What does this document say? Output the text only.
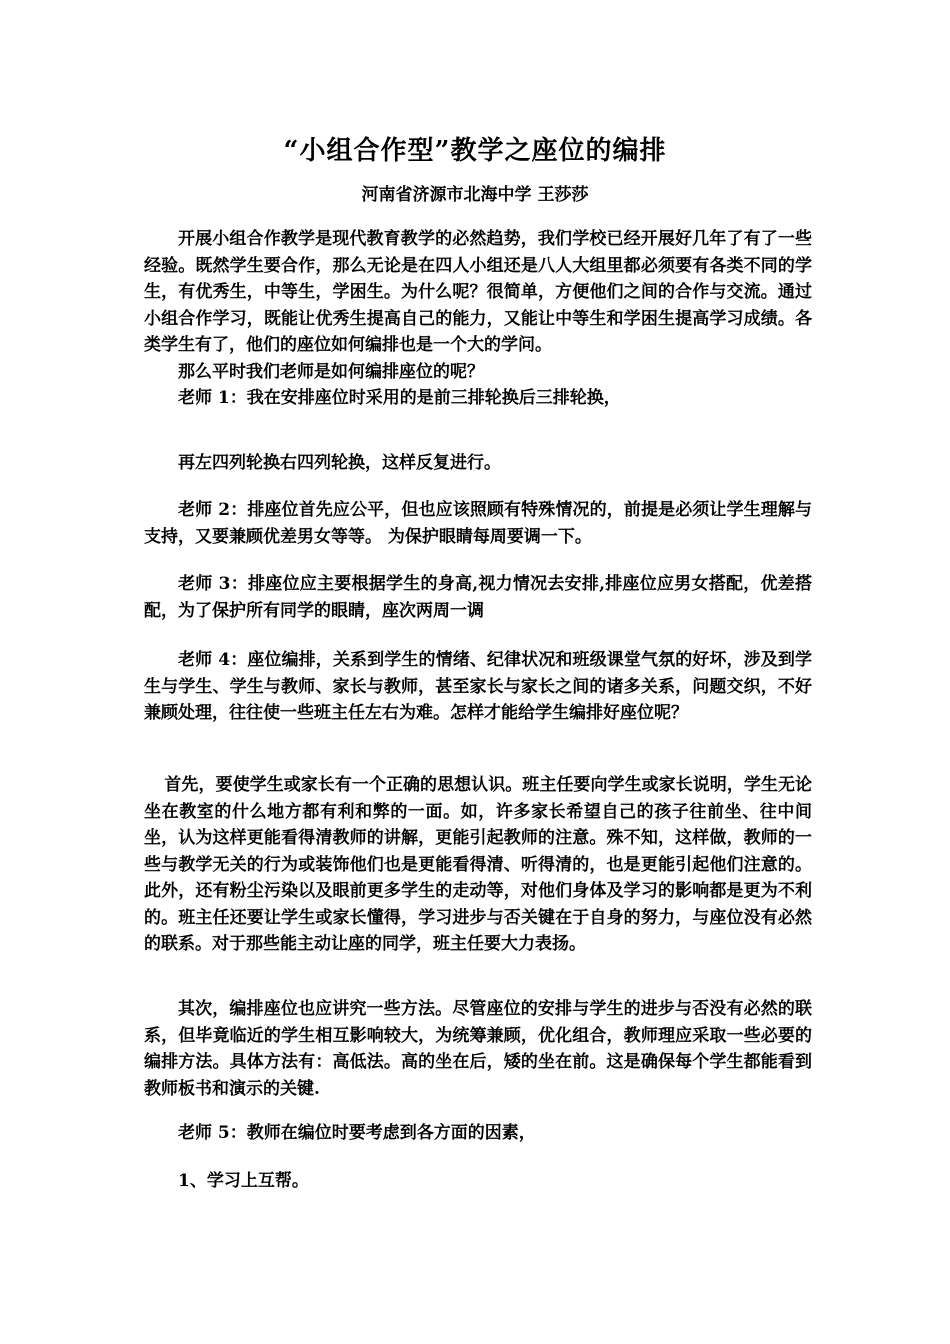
“小组合作型”教学之座位的编排
河南省济源市北海中学 王莎莎

开展小组合作教学是现代教育教学的必然趋势，我们学校已经开展好几年了有了一些经验。既然学生要合作，那么无论是在四人小组还是八人大组里都必须要有各类不同的学生，有优秀生，中等生，学困生。为什么呢？很简单，方便他们之间的合作与交流。通过小组合作学习，既能让优秀生提高自己的能力，又能让中等生和学困生提高学习成绩。各类学生有了，他们的座位如何编排也是一个大的学问。

那么平时我们老师是如何编排座位的呢？

老师 1：我在安排座位时采用的是前三排轮换后三排轮换，

再左四列轮换右四列轮换，这样反复进行。

老师 2：排座位首先应公平，但也应该照顾有特殊情况的，前提是必须让学生理解与支持，又要兼顾优差男女等等。 为保护眼睛每周要调一下。

老师 3：排座位应主要根据学生的身高,视力情况去安排,排座位应男女搭配，优差搭配，为了保护所有同学的眼睛，座次两周一调

老师 4：座位编排，关系到学生的情绪、纪律状况和班级课堂气氛的好坏，涉及到学生与学生、学生与教师、家长与教师，甚至家长与家长之间的诸多关系，问题交织，不好兼顾处理，往往使一些班主任左右为难。怎样才能给学生编排好座位呢？

首先，要使学生或家长有一个正确的思想认识。班主任要向学生或家长说明，学生无论坐在教室的什么地方都有利和弊的一面。如，许多家长希望自己的孩子往前坐、往中间坐，认为这样更能看得清教师的讲解，更能引起教师的注意。殊不知，这样做，教师的一些与教学无关的行为或装饰他们也是更能看得清、听得清的，也是更能引起他们注意的。此外，还有粉尘污染以及眼前更多学生的走动等，对他们身体及学习的影响都是更为不利的。班主任还要让学生或家长懂得，学习进步与否关键在于自身的努力，与座位没有必然的联系。对于那些能主动让座的同学，班主任要大力表扬。

其次，编排座位也应讲究一些方法。尽管座位的安排与学生的进步与否没有必然的联系，但毕竟临近的学生相互影响较大，为统筹兼顾，优化组合，教师理应采取一些必要的编排方法。具体方法有：高低法。高的坐在后，矮的坐在前。这是确保每个学生都能看到教师板书和演示的关键.

老师 5：教师在编位时要考虑到各方面的因素，

1、学习上互帮。
